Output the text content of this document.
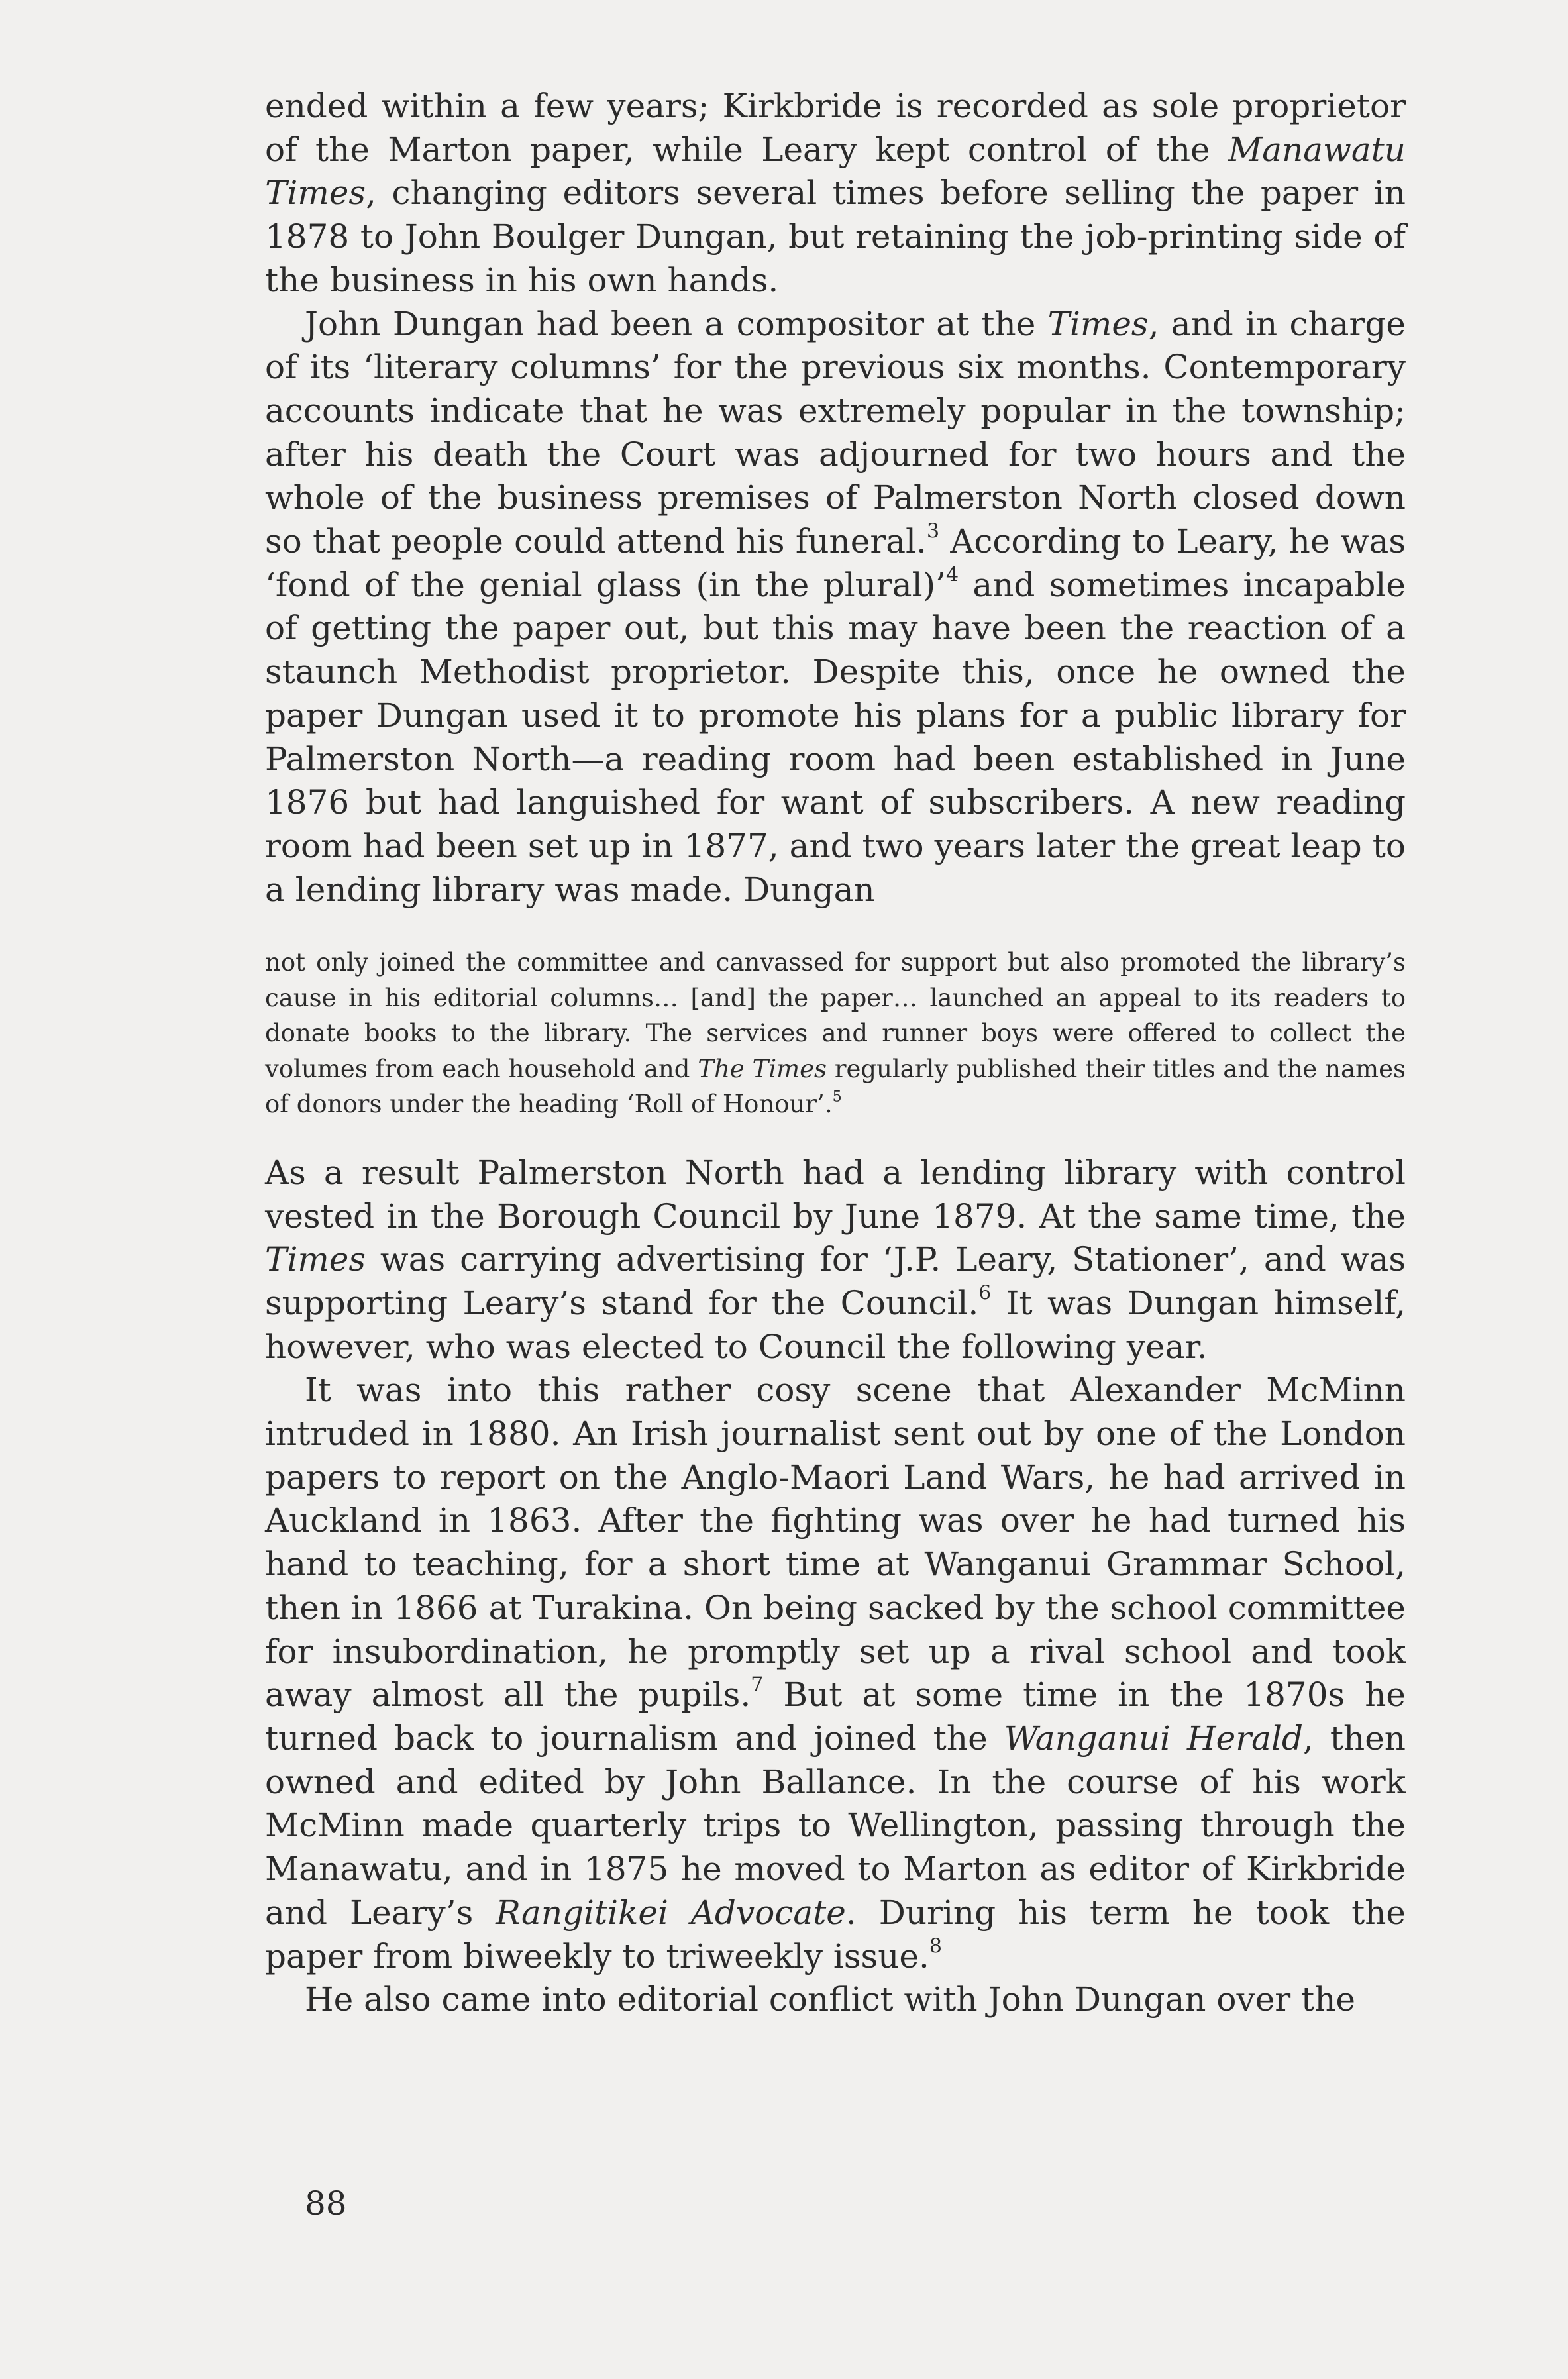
ended within a few years; Kirkbride is recorded as sole proprietor of the Marton paper, while Leary kept control of the Manawatu Times, changing editors several times before selling the paper in 1878 to John Boulger Dungan, but retaining the job-printing side of the business in his own hands.

John Dungan had been a compositor at the Times, and in charge of its ‘literary columns’ for the previous six months. Contemporary accounts indicate that he was extremely popular in the township; after his death the Court was adjourned for two hours and the whole of the business premises of Palmerston North closed down so that people could attend his funeral.$^3$ According to Leary, he was ‘fond of the genial glass (in the plural)’$^4$ and sometimes incapable of getting the paper out, but this may have been the reaction of a staunch Methodist proprietor. Despite this, once he owned the paper Dungan used it to promote his plans for a public library for Palmerston North—a reading room had been established in June 1876 but had languished for want of subscribers. A new reading room had been set up in 1877, and two years later the great leap to a lending library was made. Dungan

not only joined the committee and canvassed for support but also promoted the library’s cause in his editorial columns… [and] the paper… launched an appeal to its readers to donate books to the library. The services and runner boys were offered to collect the volumes from each household and The Times regularly published their titles and the names of donors under the heading ‘Roll of Honour’.$^5$

As a result Palmerston North had a lending library with control vested in the Borough Council by June 1879. At the same time, the Times was carrying advertising for ‘J.P. Leary, Stationer’, and was supporting Leary’s stand for the Council.$^6$ It was Dungan himself, however, who was elected to Council the following year.

It was into this rather cosy scene that Alexander McMinn intruded in 1880. An Irish journalist sent out by one of the London papers to report on the Anglo-Maori Land Wars, he had arrived in Auckland in 1863. After the fighting was over he had turned his hand to teaching, for a short time at Wanganui Grammar School, then in 1866 at Turakina. On being sacked by the school committee for insubordination, he promptly set up a rival school and took away almost all the pupils.$^7$ But at some time in the 1870s he turned back to journalism and joined the Wanganui Herald, then owned and edited by John Ballance. In the course of his work McMinn made quarterly trips to Wellington, passing through the Manawatu, and in 1875 he moved to Marton as editor of Kirkbride and Leary’s Rangitikei Advocate. During his term he took the paper from biweekly to triweekly issue.$^8$

He also came into editorial conflict with John Dungan over the

88
